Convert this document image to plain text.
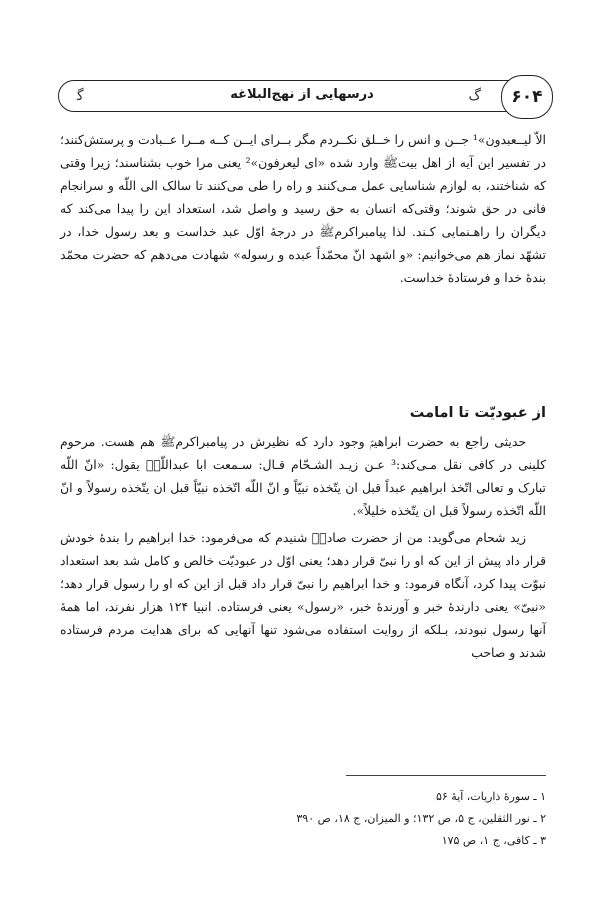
ﮔ	درسهایی از نهج‌البلاغه	ﮒ	۶۰۴

الاّ لیــعبدون»¹ جــن و انس را خــلق نکــردم مگر بــرای ایــن کــه مــرا عــبادت و پرستش‌کنند؛ در تفسیر این آیه از اهل بیتﷺ وارد شده «ای لیعرفون»² یعنی مرا خوب بشناسند؛ زیرا وقتی که شناختند، به لوازم شناسایی عمل مـی‌کنند و راه را طی می‌کنند تا سالک الی اللّه و سرانجام فانی در حق شوند؛ وقتی‌که انسان به حق رسید و واصل شد، استعداد این را پیدا می‌کند که دیگران را راهـنمایی کـند. لذا پیامبراکرمﷺ در درجهٔ اوّل عبد خداست و بعد رسول خدا، در تشهّد نماز هم می‌خوانیم: «و اشهد انّ محمّداً عبده و رسوله» شهادت می‌دهم که حضرت محمّد بندهٔ خدا و فرستادهٔ خداست.

از عبودیّت تا امامت

حدیثی راجع به حضرت ابراهیمؑ وجود دارد که نظیرش در پیامبراکرمﷺ هم هست. مرحوم کلینی در کافی نقل مـی‌کند:³ عـن زیـد الشـحّام قـال: سـمعت ابا عبداللّهؑ یقول: «انّ اللّه تبارک و تعالی اتّخذ ابراهیم عبداً قبل ان یتّخذه نبیّاً و انّ اللّه اتّخذه نبیّاً قبل ان یتّخذه رسولاً و انّ اللّه اتّخذه رسولاً قبل ان یتّخذه خلیلاً».

زید شحام می‌گوید: من از حضرت صادقؑ شنیدم که می‌فرمود: خدا ابراهیم را بندهٔ خودش قرار داد پیش از این که او را نبیّ قرار دهد؛ یعنی اوّل در عبودیّت خالص و کامل شد بعد استعداد نبوّت پیدا کرد، آنگاه فرمود: و خدا ابراهیم را نبیّ قرار داد قبل از این که او را رسول قرار دهد؛ «نبیّ» یعنی دارندهٔ خبر و آورندهٔ خبر، «رسول» یعنی فرستاده. انبیا ۱۲۴ هزار نفرند، اما همهٔ آنها رسول نبودند، بـلکه از روایت استفاده می‌شود تنها آنهایی که برای هدایت مردم فرستاده شدند و صاحب

۱ ـ سورهٔ ذاریات، آیهٔ ۵۶
۲ ـ نور الثقلین، ج ۵، ص ۱۳۲؛ و المیزان، ج ۱۸، ص ۳۹۰
۳ ـ کافی، ج ۱، ص ۱۷۵
